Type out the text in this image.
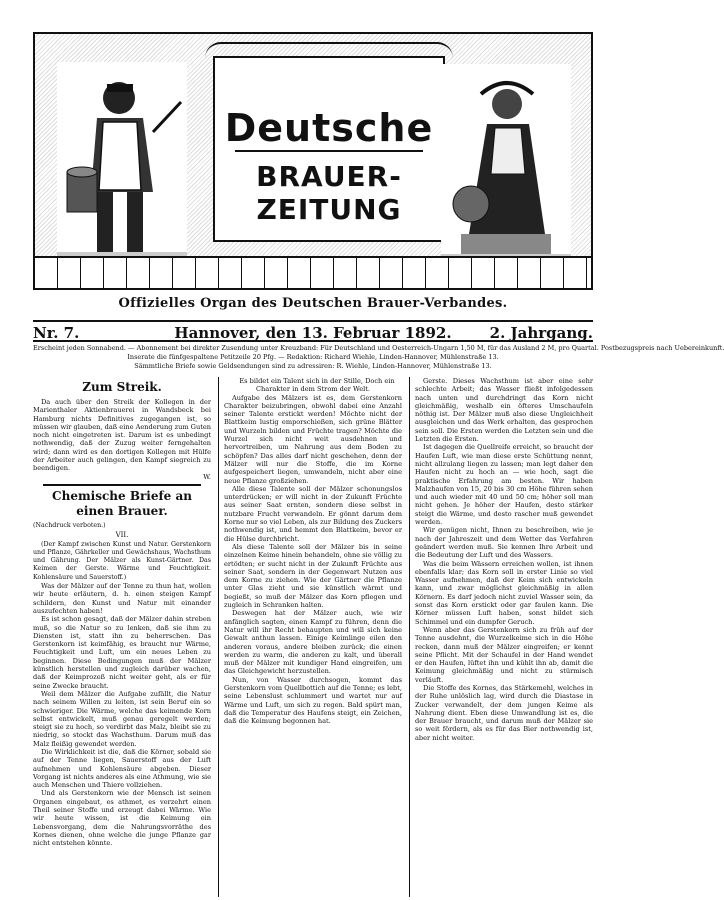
Deutsche
BRAUER-ZEITUNG
Offizielles Organ des Deutschen Brauer-Verbandes.
Nr. 7.	Hannover, den 13. Februar 1892.	2. Jahrgang.
Erscheint jeden Sonnabend. — Abonnement bei direkter Zusendung unter Kreuzband: Für Deutschland und Oesterreich-Ungarn 1,50 M, für das Ausland 2 M, pro Quartal. Postbezugspreis nach Uebereinkunft.
Inserate die fünfgespaltene Petitzeile 20 Pfg. — Redaktion: Richard Wiehle, Linden-Hannover, Mühlenstraße 13.
Sämmtliche Briefe sowie Geldsendungen sind zu adressiren: R. Wiehle, Linden-Hannover, Mühlenstraße 13.
Zum Streik.

Da auch über den Streik der Kollegen in der Marienthaler Aktienbrauerei in Wandsbeck bei Hamburg nichts Definitives zugegangen ist, so müssen wir glauben, daß eine Aenderung zum Guten noch nicht eingetreten ist. Darum ist es unbedingt nothwendig, daß der Zuzug weiter ferngehalten wird; dann wird es den dortigen Kollegen mit Hülfe der Arbeiter auch gelingen, den Kampf siegreich zu beendigen.

W.
Chemische Briefe an einen Brauer.
(Nachdruck verboten.)
VII.

(Der Kampf zwischen Kunst und Natur. Gerstenkorn und Pflanze, Gährkeller und Gewächshaus, Wachsthum und Gährung. Der Mälzer als Kunst-Gärtner. Das Keimen der Gerste. Wärme und Feuchtigkeit. Kohlensäure und Sauerstoff.)

Was der Mälzer auf der Tenne zu thun hat, wollen wir heute erläutern, d. h. einen steigen Kampf schildern, den Kunst und Natur mit einander auszufechten haben!

Es ist schon gesagt, daß der Mälzer dahin streben muß, so die Natur so zu lenken, daß sie ihm zu Diensten ist, statt ihn zu beherrschen. Das Gerstenkorn ist keimfähig, es braucht nur Wärme, Feuchtigkeit und Luft, um ein neues Leben zu beginnen. Diese Bedingungen muß der Mälzer künstlich herstellen und zugleich darüber wachen, daß der Keimprozeß nicht weiter geht, als er für seine Zwecke braucht.

Weil dem Mälzer die Aufgabe zufällt, die Natur nach seinem Willen zu leiten, ist sein Beruf ein so schwieriger. Die Wärme, welche das keimende Korn selbst entwickelt, muß genau geregelt werden; steigt sie zu hoch, so verdirbt das Malz, bleibt sie zu niedrig, so stockt das Wachsthum. Darum muß das Malz fleißig gewendet werden.

Die Wirklichkeit ist die, daß die Körner, sobald sie auf der Tenne liegen, Sauerstoff aus der Luft aufnehmen und Kohlensäure abgeben. Dieser Vorgang ist nichts anderes als eine Athmung, wie sie auch Menschen und Thiere vollziehen.

Und als Gerstenkorn wie der Mensch ist seinen Organen eingebaut, es athmet, es verzehrt einen Theil seiner Stoffe und erzeugt dabei Wärme. Wie wir heute wissen, ist die Keimung ein Lebensvorgang, dem die Nahrungsvorräthe des Kornes dienen, ohne welche die junge Pflanze gar nicht entstehen könnte.

Es bildet ein Talent sich in der Stille, Doch ein Charakter in dem Strom der Welt.

Aufgabe des Mälzers ist es, dem Gerstenkorn Charakter beizubringen, obwohl dabei eine Anzahl seiner Talente erstickt werden! Möchte nicht der Blattkeim lustig emporschießen, sich grüne Blätter und Wurzeln bilden und Früchte tragen? Möchte die Wurzel sich nicht weit ausdehnen und hervortreiben, um Nahrung aus dem Boden zu schöpfen? Das alles darf nicht geschehen, denn der Mälzer will nur die Stoffe, die im Korne aufgespeichert liegen, umwandeln, nicht aber eine neue Pflanze großziehen.

Alle diese Talente soll der Mälzer schonungslos unterdrücken; er will nicht in der Zukunft Früchte aus seiner Saat ernten, sondern diese selbst in nutzbare Frucht verwandeln. Er gönnt darum dem Korne nur so viel Leben, als zur Bildung des Zuckers nothwendig ist, und hemmt den Blattkeim, bevor er die Hülse durchbricht.

Als diese Talente soll der Mälzer bis in seine einzelnen Keime hinein behandeln, ohne sie völlig zu ertödten; er sucht nicht in der Zukunft Früchte aus seiner Saat, sondern in der Gegenwart Nutzen aus dem Korne zu ziehen. Wie der Gärtner die Pflanze unter Glas zieht und sie künstlich wärmt und begießt, so muß der Mälzer das Korn pflegen und zugleich in Schranken halten.

Deswegen hat der Mälzer auch, wie wir anfänglich sagten, einen Kampf zu führen, denn die Natur will ihr Recht behaupten und will sich keine Gewalt anthun lassen. Einige Keimlinge eilen den anderen voraus, andere bleiben zurück; die einen werden zu warm, die anderen zu kalt, und überall muß der Mälzer mit kundiger Hand eingreifen, um das Gleichgewicht herzustellen.

Nun, von Wasser durchsogen, kommt das Gerstenkorn vom Quellbottich auf die Tenne; es lebt, seine Lebenslust schlummert und wartet nur auf Wärme und Luft, um sich zu regen. Bald spürt man, daß die Temperatur des Haufens steigt, ein Zeichen, daß die Keimung begonnen hat.

Gerste. Dieses Wachsthum ist aber eine sehr schlechte Arbeit; das Wasser fließt infolgedessen nach unten und durchdringt das Korn nicht gleichmäßig, weshalb ein öfteres Umschaufeln nöthig ist. Der Mälzer muß also diese Ungleichheit ausgleichen und das Werk erhalten, das gesprochen sein soll. Die Ersten werden die Letzten sein und die Letzten die Ersten.

Ist dagegen die Quellreife erreicht, so braucht der Haufen Luft, wie man diese erste Schüttung nennt, nicht allzulang liegen zu lassen; man legt daher den Haufen nicht zu hoch an — wie hoch, sagt die praktische Erfahrung am besten. Wir haben Malzhaufen von 15, 20 bis 30 cm Höhe führen sehen und auch wieder mit 40 und 50 cm; höher soll man nicht gehen. Je höher der Haufen, desto stärker steigt die Wärme, und desto rascher muß gewendet werden.

Wir genügen nicht, Ihnen zu beschreiben, wie je nach der Jahreszeit und dem Wetter das Verfahren geändert werden muß. Sie kennen Ihre Arbeit und die Bedeutung der Luft und des Wassers.

Was die beim Wässern erreichen wollen, ist ihnen ebenfalls klar; das Korn soll in erster Linie so viel Wasser aufnehmen, daß der Keim sich entwickeln kann, und zwar möglichst gleichmäßig in allen Körnern. Es darf jedoch nicht zuviel Wasser sein, da sonst das Korn erstickt oder gar faulen kann. Die Körner müssen Luft haben, sonst bildet sich Schimmel und ein dumpfer Geruch.

Wenn aber das Gerstenkorn sich zu früh auf der Tenne ausdehnt, die Wurzelkeime sich in die Höhe recken, dann muß der Mälzer eingreifen; er kennt seine Pflicht. Mit der Schaufel in der Hand wendet er den Haufen, lüftet ihn und kühlt ihn ab, damit die Keimung gleichmäßig und nicht zu stürmisch verläuft.

Die Stoffe des Kornes, das Stärkemehl, welches in der Ruhe unlöslich lag, wird durch die Diastase in Zucker verwandelt, der dem jungen Keime als Nahrung dient. Eben diese Umwandlung ist es, die der Brauer braucht, und darum muß der Mälzer sie so weit fördern, als es für das Bier nothwendig ist, aber nicht weiter.
